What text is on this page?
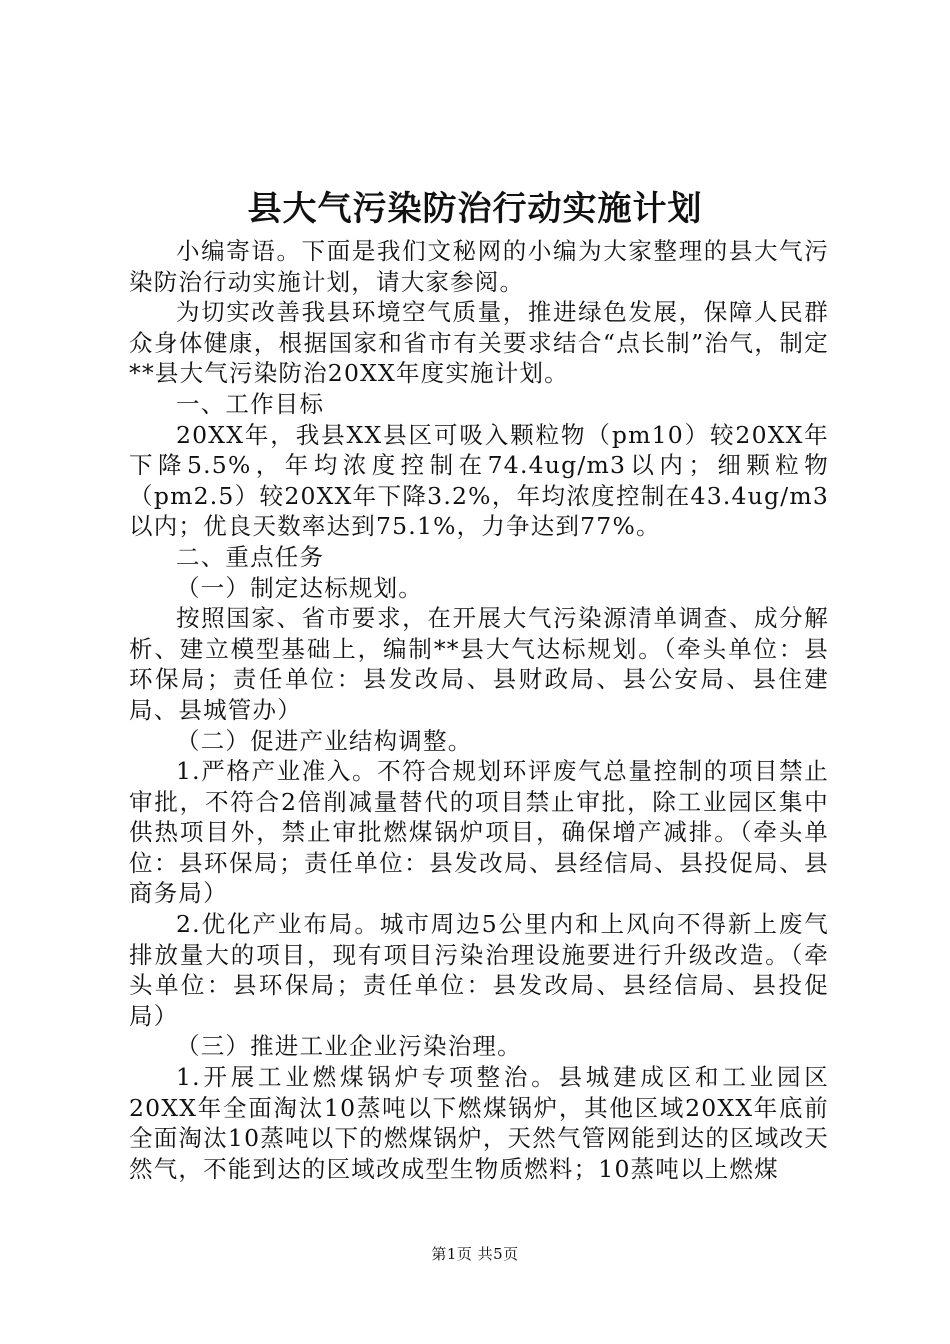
县大气污染防治行动实施计划

小编寄语。下面是我们文秘网的小编为大家整理的县大气污染防治行动实施计划，请大家参阅。

为切实改善我县环境空气质量，推进绿色发展，保障人民群众身体健康，根据国家和省市有关要求结合“点长制”治气，制定**县大气污染防治20XX年度实施计划。

一、工作目标

20XX年，我县XX县区可吸入颗粒物（pm10）较20XX年下降5.5%，年均浓度控制在74.4ug/m3以内；细颗粒物（pm2.5）较20XX年下降3.2%，年均浓度控制在43.4ug/m3以内；优良天数率达到75.1%，力争达到77%。

二、重点任务

（一）制定达标规划。

按照国家、省市要求，在开展大气污染源清单调查、成分解析、建立模型基础上，编制**县大气达标规划。（牵头单位：县环保局；责任单位：县发改局、县财政局、县公安局、县住建局、县城管办）

（二）促进产业结构调整。

1.严格产业准入。不符合规划环评废气总量控制的项目禁止审批，不符合2倍削减量替代的项目禁止审批，除工业园区集中供热项目外，禁止审批燃煤锅炉项目，确保增产减排。（牵头单位：县环保局；责任单位：县发改局、县经信局、县投促局、县商务局）

2.优化产业布局。城市周边5公里内和上风向不得新上废气排放量大的项目，现有项目污染治理设施要进行升级改造。（牵头单位：县环保局；责任单位：县发改局、县经信局、县投促局）

（三）推进工业企业污染治理。

1.开展工业燃煤锅炉专项整治。县城建成区和工业园区20XX年全面淘汰10蒸吨以下燃煤锅炉，其他区域20XX年底前全面淘汰10蒸吨以下的燃煤锅炉，天然气管网能到达的区域改天然气，不能到达的区域改成型生物质燃料；10蒸吨以上燃煤

第1页 共5页
